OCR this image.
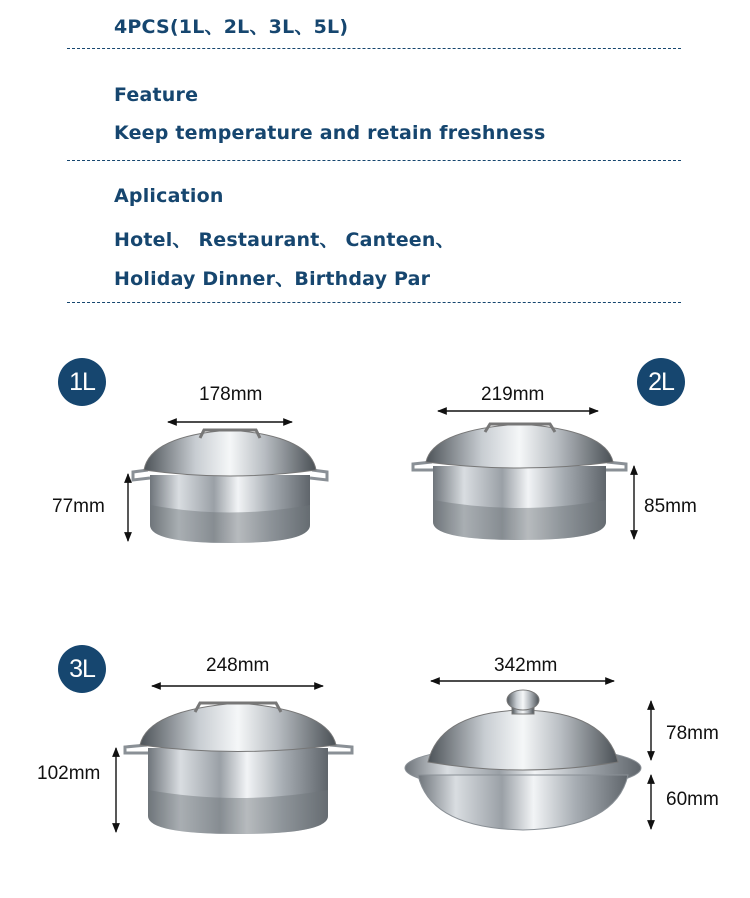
4PCS(1L、2L、3L、5L)
Feature
Keep temperature and retain freshness
Aplication
Hotel、 Restaurant、 Canteen、
Holiday Dinner、Birthday Par
1L	2L
3L
178mm
77mm
219mm
85mm
248mm
102mm
342mm
78mm
60mm
